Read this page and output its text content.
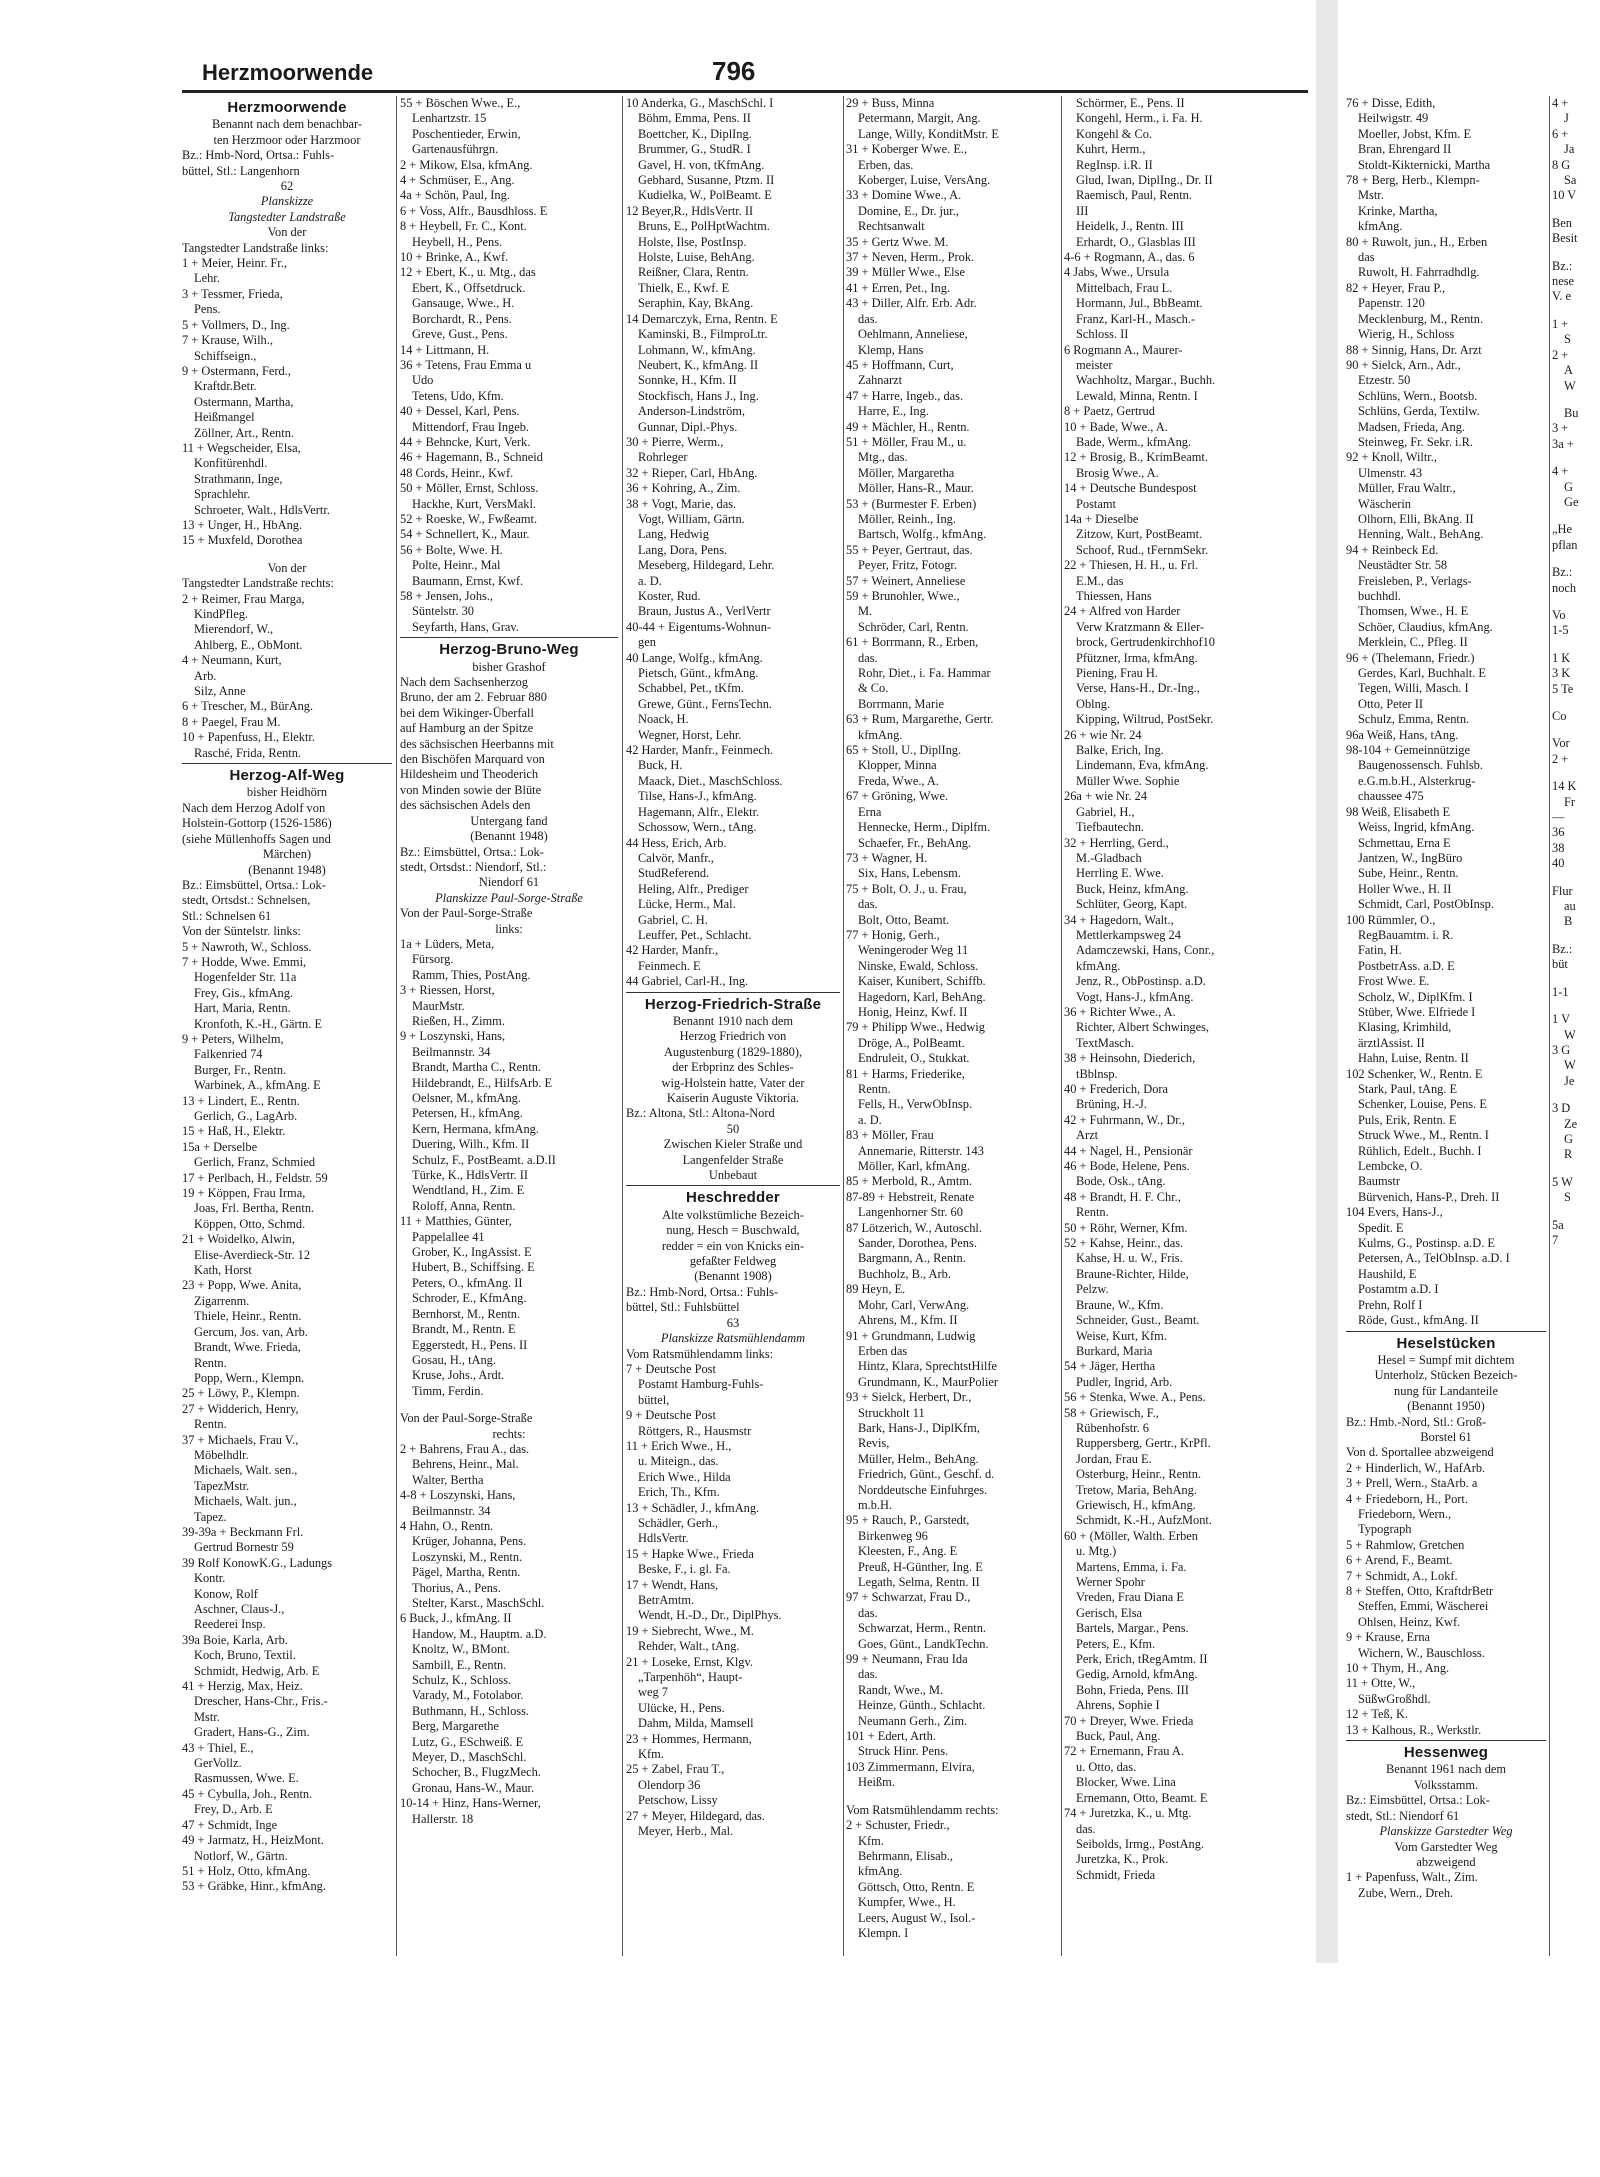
Herzmoorwende	796
Herzmoorwende
Benannt nach dem benachbar-
ten Herzmoor oder Harzmoor
Bz.: Hmb-Nord, Ortsa.: Fuhls-
büttel, Stl.: Langenhorn
62
Planskizze
Tangstedter Landstraße
Von der
Tangstedter Landstraße links:
1 + Meier, Heinr. Fr.,
Lehr.
3 + Tessmer, Frieda,
Pens.
5 + Vollmers, D., Ing.
7 + Krause, Wilh.,
Schiffseign.,
9 + Ostermann, Ferd.,
Kraftdr.Betr.
Ostermann, Martha,
Heißmangel
Zöllner, Art., Rentn.
11 + Wegscheider, Elsa,
Konfitürenhdl.
Strathmann, Inge,
Sprachlehr.
Schroeter, Walt., HdlsVertr.
13 + Unger, H., HbAng.
15 + Muxfeld, Dorothea
Von der
Tangstedter Landstraße rechts:
2 + Reimer, Frau Marga,
KindPfleg.
Mierendorf, W.,
Ahlberg, E., ObMont.
4 + Neumann, Kurt,
Arb.
Silz, Anne
6 + Trescher, M., BürAng.
8 + Paegel, Frau M.
10 + Papenfuss, H., Elektr.
Rasché, Frida, Rentn.
Herzog-Alf-Weg
bisher Heidhörn
Nach dem Herzog Adolf von
Holstein-Gottorp (1526-1586)
(siehe Müllenhoffs Sagen und
Märchen)
(Benannt 1948)
Bz.: Eimsbüttel, Ortsa.: Lok-
stedt, Ortsdst.: Schnelsen,
Stl.: Schnelsen 61
Von der Süntelstr. links:
5 + Nawroth, W., Schloss.
7 + Hodde, Wwe. Emmi,
Hogenfelder Str. 11a
Frey, Gis., kfmAng.
Hart, Maria, Rentn.
Kronfoth, K.-H., Gärtn. E
9 + Peters, Wilhelm,
Falkenried 74
Burger, Fr., Rentn.
Warbinek, A., kfmAng. E
13 + Lindert, E., Rentn.
Gerlich, G., LagArb.
15 + Haß, H., Elektr.
15a + Derselbe
Gerlich, Franz, Schmied
17 + Perlbach, H., Feldstr. 59
19 + Köppen, Frau Irma,
Joas, Frl. Bertha, Rentn.
Köppen, Otto, Schmd.
21 + Woidelko, Alwin,
Elise-Averdieck-Str. 12
Kath, Horst
23 + Popp, Wwe. Anita,
Zigarrenm.
Thiele, Heinr., Rentn.
Gercum, Jos. van, Arb.
Brandt, Wwe. Frieda,
Rentn.
Popp, Wern., Klempn.
25 + Löwy, P., Klempn.
27 + Widderich, Henry,
Rentn.
37 + Michaels, Frau V.,
Möbelhdlr.
Michaels, Walt. sen.,
TapezMstr.
Michaels, Walt. jun.,
Tapez.
39-39a + Beckmann Frl.
Gertrud Bornestr 59
39 Rolf KonowK.G., Ladungs
Kontr.
Konow, Rolf
Aschner, Claus-J.,
Reederei Insp.
39a Boie, Karla, Arb.
Koch, Bruno, Textil.
Schmidt, Hedwig, Arb. E
41 + Herzig, Max, Heiz.
Drescher, Hans-Chr., Fris.-
Mstr.
Gradert, Hans-G., Zim.
43 + Thiel, E.,
GerVollz.
Rasmussen, Wwe. E.
45 + Cybulla, Joh., Rentn.
Frey, D., Arb. E
47 + Schmidt, Inge
49 + Jarmatz, H., HeizMont.
Notlorf, W., Gärtn.
51 + Holz, Otto, kfmAng.
53 + Gräbke, Hinr., kfmAng.
55 + Böschen Wwe., E.,
Lenhartzstr. 15
Poschentieder, Erwin,
Gartenausführgn.
2 + Mikow, Elsa, kfmAng.
4 + Schmüser, E., Ang.
4a + Schön, Paul, Ing.
6 + Voss, Alfr., Bausdhloss. E
8 + Heybell, Fr. C., Kont.
Heybell, H., Pens.
10 + Brinke, A., Kwf.
12 + Ebert, K., u. Mtg., das
Ebert, K., Offsetdruck.
Gansauge, Wwe., H.
Borchardt, R., Pens.
Greve, Gust., Pens.
14 + Littmann, H.
36 + Tetens, Frau Emma u
Udo
Tetens, Udo, Kfm.
40 + Dessel, Karl, Pens.
Mittendorf, Frau Ingeb.
44 + Behncke, Kurt, Verk.
46 + Hagemann, B., Schneid
48 Cords, Heinr., Kwf.
50 + Möller, Ernst, Schloss.
Hackhe, Kurt, VersMakl.
52 + Roeske, W., Fwßeamt.
54 + Schnellert, K., Maur.
56 + Bolte, Wwe. H.
Polte, Heinr., Mal
Baumann, Ernst, Kwf.
58 + Jensen, Johs.,
Süntelstr. 30
Seyfarth, Hans, Grav.
Herzog-Bruno-Weg
bisher Grashof
Nach dem Sachsenherzog
Bruno, der am 2. Februar 880
bei dem Wikinger-Überfall
auf Hamburg an der Spitze
des sächsischen Heerbanns mit
den Bischöfen Marquard von
Hildesheim und Theoderich
von Minden sowie der Blüte
des sächsischen Adels den
Untergang fand
(Benannt 1948)
Bz.: Eimsbüttel, Ortsa.: Lok-
stedt, Ortsdst.: Niendorf, Stl.:
Niendorf 61
Planskizze Paul-Sorge-Straße
Von der Paul-Sorge-Straße
links:
1a + Lüders, Meta,
Fürsorg.
Ramm, Thies, PostAng.
3 + Riessen, Horst,
MaurMstr.
Rießen, H., Zimm.
9 + Loszynski, Hans,
Beilmannstr. 34
Brandt, Martha C., Rentn.
Hildebrandt, E., HilfsArb. E
Oelsner, M., kfmAng.
Petersen, H., kfmAng.
Kern, Hermana, kfmAng.
Duering, Wilh., Kfm. II
Schulz, F., PostBeamt. a.D.II
Türke, K., HdlsVertr. II
Wendtland, H., Zim. E
Roloff, Anna, Rentn.
11 + Matthies, Günter,
Pappelallee 41
Grober, K., IngAssist. E
Hubert, B., Schiffsing. E
Peters, O., kfmAng. II
Schroder, E., KfmAng.
Bernhorst, M., Rentn.
Brandt, M., Rentn. E
Eggerstedt, H., Pens. II
Gosau, H., tAng.
Kruse, Johs., Ardt.
Timm, Ferdin.
Von der Paul-Sorge-Straße
rechts:
2 + Bahrens, Frau A., das.
Behrens, Heinr., Mal.
Walter, Bertha
4-8 + Loszynski, Hans,
Beilmannstr. 34
4 Hahn, O., Rentn.
Krüger, Johanna, Pens.
Loszynski, M., Rentn.
Pägel, Martha, Rentn.
Thorius, A., Pens.
Stelter, Karst., MaschSchl.
6 Buck, J., kfmAng. II
Handow, M., Hauptm. a.D.
Knoltz, W., BMont.
Sambill, E., Rentn.
Schulz, K., Schloss.
Varady, M., Fotolabor.
Buthmann, H., Schloss.
Berg, Margarethe
Lutz, G., ESchweiß. E
Meyer, D., MaschSchl.
Schocher, B., FlugzMech.
Gronau, Hans-W., Maur.
10-14 + Hinz, Hans-Werner,
Hallerstr. 18
10 Anderka, G., MaschSchl. I
Böhm, Emma, Pens. II
Boettcher, K., DiplIng.
Brummer, G., StudR. I
Gavel, H. von, tKfmAng.
Gebhard, Susanne, Ptzm. II
Kudielka, W., PolBeamt. E
12 Beyer,R., HdlsVertr. II
Bruns, E., PolHptWachtm.
Holste, Ilse, PostInsp.
Holste, Luise, BehAng.
Reißner, Clara, Rentn.
Thielk, E., Kwf. E
Seraphin, Kay, BkAng.
14 Demarczyk, Erna, Rentn. E
Kaminski, B., FilmproLtr.
Lohmann, W., kfmAng.
Neubert, K., kfmAng. II
Sonnke, H., Kfm. II
Stockfisch, Hans J., Ing.
Anderson-Lindström,
Gunnar, Dipl.-Phys.
30 + Pierre, Werm.,
Rohrleger
32 + Rieper, Carl, HbAng.
36 + Kohring, A., Zim.
38 + Vogt, Marie, das.
Vogt, William, Gärtn.
Lang, Hedwig
Lang, Dora, Pens.
Meseberg, Hildegard, Lehr.
a. D.
Koster, Rud.
Braun, Justus A., VerlVertr
40-44 + Eigentums-Wohnun-
gen
40 Lange, Wolfg., kfmAng.
Pietsch, Günt., kfmAng.
Schabbel, Pet., tKfm.
Grewe, Günt., FernsTechn.
Noack, H.
Wegner, Horst, Lehr.
42 Harder, Manfr., Feinmech.
Buck, H.
Maack, Diet., MaschSchloss.
Tilse, Hans-J., kfmAng.
Hagemann, Alfr., Elektr.
Schossow, Wern., tAng.
44 Hess, Erich, Arb.
Calvör, Manfr.,
StudReferend.
Heling, Alfr., Prediger
Lücke, Herm., Mal.
Gabriel, C. H.
Leuffer, Pet., Schlacht.
42 Harder, Manfr.,
Feinmech. E
44 Gabriel, Carl-H., Ing.
Herzog-Friedrich-Straße
Benannt 1910 nach dem
Herzog Friedrich von
Augustenburg (1829-1880),
der Erbprinz des Schles-
wig-Holstein hatte, Vater der
Kaiserin Auguste Viktoria.
Bz.: Altona, Stl.: Altona-Nord
50
Zwischen Kieler Straße und
Langenfelder Straße
Unbebaut
Heschredder
Alte volkstümliche Bezeich-
nung, Hesch = Buschwald,
redder = ein von Knicks ein-
gefaßter Feldweg
(Benannt 1908)
Bz.: Hmb-Nord, Ortsa.: Fuhls-
büttel, Stl.: Fuhlsbüttel
63
Planskizze Ratsmühlendamm
Vom Ratsmühlendamm links:
7 + Deutsche Post
Postamt Hamburg-Fuhls-
büttel,
9 + Deutsche Post
Röttgers, R., Hausmstr
11 + Erich Wwe., H.,
u. Miteign., das.
Erich Wwe., Hilda
Erich, Th., Kfm.
13 + Schädler, J., kfmAng.
Schädler, Gerh.,
HdlsVertr.
15 + Hapke Wwe., Frieda
Beske, F., i. gl. Fa.
17 + Wendt, Hans,
BetrAmtm.
Wendt, H.-D., Dr., DiplPhys.
19 + Siebrecht, Wwe., M.
Rehder, Walt., tAng.
21 + Loseke, Ernst, Klgv.
„Tarpenhöh“, Haupt-
weg 7
Ulücke, H., Pens.
Dahm, Milda, Mamsell
23 + Hommes, Hermann,
Kfm.
25 + Zabel, Frau T.,
Olendorp 36
Petschow, Lissy
27 + Meyer, Hildegard, das.
Meyer, Herb., Mal.
29 + Buss, Minna
Petermann, Margit, Ang.
Lange, Willy, KonditMstr. E
31 + Koberger Wwe. E.,
Erben, das.
Koberger, Luise, VersAng.
33 + Domine Wwe., A.
Domine, E., Dr. jur.,
Rechtsanwalt
35 + Gertz Wwe. M.
37 + Neven, Herm., Prok.
39 + Müller Wwe., Else
41 + Erren, Pet., Ing.
43 + Diller, Alfr. Erb. Adr.
das.
Oehlmann, Anneliese,
Klemp, Hans
45 + Hoffmann, Curt,
Zahnarzt
47 + Harre, Ingeb., das.
Harre, E., Ing.
49 + Mächler, H., Rentn.
51 + Möller, Frau M., u.
Mtg., das.
Möller, Margaretha
Möller, Hans-R., Maur.
53 + (Burmester F. Erben)
Möller, Reinh., Ing.
Bartsch, Wolfg., kfmAng.
55 + Peyer, Gertraut, das.
Peyer, Fritz, Fotogr.
57 + Weinert, Anneliese
59 + Brunohler, Wwe.,
M.
Schröder, Carl, Rentn.
61 + Borrmann, R., Erben,
das.
Rohr, Diet., i. Fa. Hammar
& Co.
Borrmann, Marie
63 + Rum, Margarethe, Gertr.
kfmAng.
65 + Stoll, U., DiplIng.
Klopper, Minna
Freda, Wwe., A.
67 + Gröning, Wwe.
Erna
Hennecke, Herm., Diplfm.
Schaefer, Fr., BehAng.
73 + Wagner, H.
Six, Hans, Lebensm.
75 + Bolt, O. J., u. Frau,
das.
Bolt, Otto, Beamt.
77 + Honig, Gerh.,
Weningeroder Weg 11
Ninske, Ewald, Schloss.
Kaiser, Kunibert, Schiffb.
Hagedorn, Karl, BehAng.
Honig, Heinz, Kwf. II
79 + Philipp Wwe., Hedwig
Dröge, A., PolBeamt.
Endruleit, O., Stukkat.
81 + Harms, Friederike,
Rentn.
Fells, H., VerwObInsp.
a. D.
83 + Möller, Frau
Annemarie, Ritterstr. 143
Möller, Karl, kfmAng.
85 + Merbold, R., Amtm.
87-89 + Hebstreit, Renate
Langenhorner Str. 60
87 Lötzerich, W., Autoschl.
Sander, Dorothea, Pens.
Bargmann, A., Rentn.
Buchholz, B., Arb.
89 Heyn, E.
Mohr, Carl, VerwAng.
Ahrens, M., Kfm. II
91 + Grundmann, Ludwig
Erben das
Hintz, Klara, SprechtstHilfe
Grundmann, K., MaurPolier
93 + Sielck, Herbert, Dr.,
Struckholt 11
Bark, Hans-J., DiplKfm,
Revis,
Müller, Helm., BehAng.
Friedrich, Günt., Geschf. d.
Norddeutsche Einfuhrges.
m.b.H.
95 + Rauch, P., Garstedt,
Birkenweg 96
Kleesten, F., Ang. E
Preuß, H-Günther, Ing. E
Legath, Selma, Rentn. II
97 + Schwarzat, Frau D.,
das.
Schwarzat, Herm., Rentn.
Goes, Günt., LandkTechn.
99 + Neumann, Frau Ida
das.
Randt, Wwe., M.
Heinze, Günth., Schlacht.
Neumann Gerh., Zim.
101 + Edert, Arth.
Struck Hinr. Pens.
103 Zimmermann, Elvira,
Heißm.
Vom Ratsmühlendamm rechts:
2 + Schuster, Friedr.,
Kfm.
Behrmann, Elisab.,
kfmAng.
Göttsch, Otto, Rentn. E
Kumpfer, Wwe., H.
Leers, August W., Isol.-
Klempn. I
Schörmer, E., Pens. II
Kongehl, Herm., i. Fa. H.
Kongehl & Co.
Kuhrt, Herm.,
RegInsp. i.R. II
Glud, Iwan, DiplIng., Dr. II
Raemisch, Paul, Rentn.
III
Heidelk, J., Rentn. III
Erhardt, O., Glasblas III
4-6 + Rogmann, A., das. 6
4 Jabs, Wwe., Ursula
Mittelbach, Frau L.
Hormann, Jul., BbBeamt.
Franz, Karl-H., Masch.-
Schloss. II
6 Rogmann A., Maurer-
meister
Wachholtz, Margar., Buchh.
Lewald, Minna, Rentn. I
8 + Paetz, Gertrud
10 + Bade, Wwe., A.
Bade, Werm., kfmAng.
12 + Brosig, B., KrimBeamt.
Brosig Wwe., A.
14 + Deutsche Bundespost
Postamt
14a + Dieselbe
Zitzow, Kurt, PostBeamt.
Schoof, Rud., tFernmSekr.
22 + Thiesen, H. H., u. Frl.
E.M., das
Thiessen, Hans
24 + Alfred von Harder
Verw Kratzmann & Eller-
brock, Gertrudenkirchhof10
Pfützner, Irma, kfmAng.
Piening, Frau H.
Verse, Hans-H., Dr.-Ing.,
Oblng.
Kipping, Wiltrud, PostSekr.
26 + wie Nr. 24
Balke, Erich, Ing.
Lindemann, Eva, kfmAng.
Müller Wwe. Sophie
26a + wie Nr. 24
Gabriel, H.,
Tiefbautechn.
32 + Herrling, Gerd.,
M.-Gladbach
Herrling E. Wwe.
Buck, Heinz, kfmAng.
Schlüter, Georg, Kapt.
34 + Hagedorn, Walt.,
Mettlerkampsweg 24
Adamczewski, Hans, Conr.,
kfmAng.
Jenz, R., ObPostinsp. a.D.
Vogt, Hans-J., kfmAng.
36 + Richter Wwe., A.
Richter, Albert Schwinges,
TextMasch.
38 + Heinsohn, Diederich,
tBblnsp.
40 + Frederich, Dora
Brüning, H.-J.
42 + Fuhrmann, W., Dr.,
Arzt
44 + Nagel, H., Pensionär
46 + Bode, Helene, Pens.
Bode, Osk., tAng.
48 + Brandt, H. F. Chr.,
Rentn.
50 + Röhr, Werner, Kfm.
52 + Kahse, Heinr., das.
Kahse, H. u. W., Fris.
Braune-Richter, Hilde,
Pelzw.
Braune, W., Kfm.
Schneider, Gust., Beamt.
Weise, Kurt, Kfm.
Burkard, Maria
54 + Jäger, Hertha
Pudler, Ingrid, Arb.
56 + Stenka, Wwe. A., Pens.
58 + Griewisch, F.,
Rübenhofstr. 6
Ruppersberg, Gertr., KrPfl.
Jordan, Frau E.
Osterburg, Heinr., Rentn.
Tretow, Maria, BehAng.
Griewisch, H., kfmAng.
Schmidt, K.-H., AufzMont.
60 + (Möller, Walth. Erben
u. Mtg.)
Martens, Emma, i. Fa.
Werner Spohr
Vreden, Frau Diana E
Gerisch, Elsa
Bartels, Margar., Pens.
Peters, E., Kfm.
Perk, Erich, tRegAmtm. II
Gedig, Arnold, kfmAng.
Bohn, Frieda, Pens. III
Ahrens, Sophie I
70 + Dreyer, Wwe. Frieda
Buck, Paul, Ang.
72 + Ernemann, Frau A.
u. Otto, das.
Blocker, Wwe. Lina
Ernemann, Otto, Beamt. E
74 + Juretzka, K., u. Mtg.
das.
Seibolds, Irmg., PostAng.
Juretzka, K., Prok.
Schmidt, Frieda
76 + Disse, Edith,
Heilwigstr. 49
Moeller, Jobst, Kfm. E
Bran, Ehrengard II
Stoldt-Kikternicki, Martha
78 + Berg, Herb., Klempn-
Mstr.
Krinke, Martha,
kfmAng.
80 + Ruwolt, jun., H., Erben
das
Ruwolt, H. Fahrradhdlg.
82 + Heyer, Frau P.,
Papenstr. 120
Mecklenburg, M., Rentn.
Wierig, H., Schloss
88 + Sinnig, Hans, Dr. Arzt
90 + Sielck, Arn., Adr.,
Etzestr. 50
Schlüns, Wern., Bootsb.
Schlüns, Gerda, Textilw.
Madsen, Frieda, Ang.
Steinweg, Fr. Sekr. i.R.
92 + Knoll, Wiltr.,
Ulmenstr. 43
Müller, Frau Waltr.,
Wäscherin
Olhorn, Elli, BkAng. II
Henning, Walt., BehAng.
94 + Reinbeck Ed.
Neustädter Str. 58
Freisleben, P., Verlags-
buchhdl.
Thomsen, Wwe., H. E
Schöer, Claudius, kfmAng.
Merklein, C., Pfleg. II
96 + (Thelemann, Friedr.)
Gerdes, Karl, Buchhalt. E
Tegen, Willi, Masch. I
Otto, Peter II
Schulz, Emma, Rentn.
96a Weiß, Hans, tAng.
98-104 + Gemeinnützige
Baugenossensch. Fuhlsb.
e.G.m.b.H., Alsterkrug-
chaussee 475
98 Weiß, Elisabeth E
Weiss, Ingrid, kfmAng.
Schmettau, Erna E
Jantzen, W., IngBüro
Sube, Heinr., Rentn.
Holler Wwe., H. II
Schmidt, Carl, PostObInsp.
100 Rümmler, O.,
RegBauamtm. i. R.
Fatin, H.
PostbetrAss. a.D. E
Frost Wwe. E.
Scholz, W., DiplKfm. I
Stüber, Wwe. Elfriede I
Klasing, Krimhild,
ärztlAssist. II
Hahn, Luise, Rentn. II
102 Schenker, W., Rentn. E
Stark, Paul, tAng. E
Schenker, Louise, Pens. E
Puls, Erik, Rentn. E
Struck Wwe., M., Rentn. I
Rühlich, Edelt., Buchh. I
Lembcke, O.
Baumstr
Bürvenich, Hans-P., Dreh. II
104 Evers, Hans-J.,
Spedit. E
Kulms, G., Postinsp. a.D. E
Petersen, A., TelObInsp. a.D. I
Haushild, E
Postamtm a.D. I
Prehn, Rolf I
Röde, Gust., kfmAng. II
Heselstücken
Hesel = Sumpf mit dichtem
Unterholz, Stücken Bezeich-
nung für Landanteile
(Benannt 1950)
Bz.: Hmb.-Nord, Stl.: Groß-
Borstel 61
Von d. Sportallee abzweigend
2 + Hinderlich, W., HafArb.
3 + Prell, Wern., StaArb. a
4 + Friedeborn, H., Port.
Friedeborn, Wern.,
Typograph
5 + Rahmlow, Gretchen
6 + Arend, F., Beamt.
7 + Schmidt, A., Lokf.
8 + Steffen, Otto, KraftdrBetr
Steffen, Emmi, Wäscherei
Ohlsen, Heinz, Kwf.
9 + Krause, Erna
Wichern, W., Bauschloss.
10 + Thym, H., Ang.
11 + Otte, W.,
SüßwGroßhdl.
12 + Teß, K.
13 + Kalhous, R., Werkstlr.
Hessenweg
Benannt 1961 nach dem
Volksstamm.
Bz.: Eimsbüttel, Ortsa.: Lok-
stedt, Stl.: Niendorf 61
Planskizze Garstedter Weg
Vom Garstedter Weg
abzweigend
1 + Papenfuss, Walt., Zim.
Zube, Wern., Dreh.
4 +
J
6 +
Ja
8 G
Sa
10 V
Ben
Besit
Bz.:
nese
V. e
1 +
S
2 +
A
W
Bu
3 +
3a +
4 +
G
Ge
„He
pflan
Bz.:
noch
Vo
1-5
1 K
3 K
5 Te
Co
Vor
2 +
14 K
Fr
—
36
38
40
Flur
au
B
Bz.:
büt
1-1
1 V
W
3 G
W
Je
3 D
Ze
G
R
5 W
S
5a
7
